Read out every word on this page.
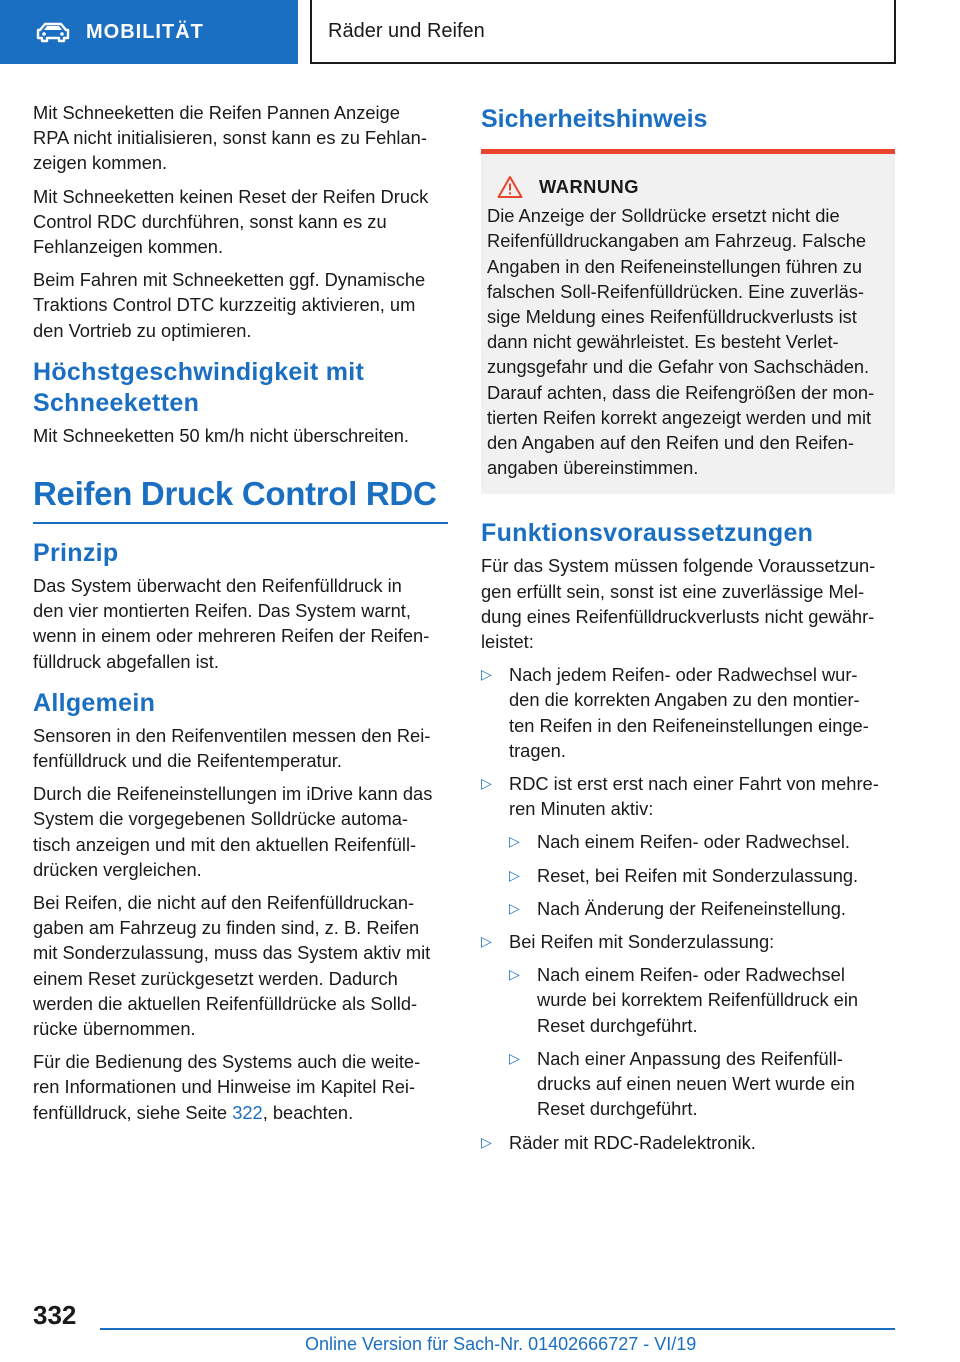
MOBILITÄT	Räder und Reifen

Mit Schneeketten die Reifen Pannen Anzeige
RPA nicht initialisieren, sonst kann es zu Fehlan-
zeigen kommen.

Mit Schneeketten keinen Reset der Reifen Druck
Control RDC durchführen, sonst kann es zu
Fehlanzeigen kommen.

Beim Fahren mit Schneeketten ggf. Dynamische
Traktions Control DTC kurzzeitig aktivieren, um
den Vortrieb zu optimieren.

Höchstgeschwindigkeit mit
Schneeketten

Mit Schneeketten 50 km/h nicht überschreiten.

Reifen Druck Control RDC
Prinzip

Das System überwacht den Reifenfülldruck in
den vier montierten Reifen. Das System warnt,
wenn in einem oder mehreren Reifen der Reifen-
fülldruck abgefallen ist.

Allgemein

Sensoren in den Reifenventilen messen den Rei-
fenfülldruck und die Reifentemperatur.

Durch die Reifeneinstellungen im iDrive kann das
System die vorgegebenen Solldrücke automa-
tisch anzeigen und mit den aktuellen Reifenfüll-
drücken vergleichen.

Bei Reifen, die nicht auf den Reifenfülldruckan-
gaben am Fahrzeug zu finden sind, z. B. Reifen
mit Sonderzulassung, muss das System aktiv mit
einem Reset zurückgesetzt werden. Dadurch
werden die aktuellen Reifenfülldrücke als Solld-
rücke übernommen.

Für die Bedienung des Systems auch die weite-
ren Informationen und Hinweise im Kapitel Rei-
fenfülldruck, siehe Seite 322, beachten.

Sicherheitshinweis
WARNUNG
Die Anzeige der Solldrücke ersetzt nicht die
Reifenfülldruckangaben am Fahrzeug. Falsche
Angaben in den Reifeneinstellungen führen zu
falschen Soll-Reifenfülldrücken. Eine zuverläs-
sige Meldung eines Reifenfülldruckverlusts ist
dann nicht gewährleistet. Es besteht Verlet-
zungsgefahr und die Gefahr von Sachschäden.
Darauf achten, dass die Reifengrößen der mon-
tierten Reifen korrekt angezeigt werden und mit
den Angaben auf den Reifen und den Reifen-
angaben übereinstimmen.
Funktionsvoraussetzungen

Für das System müssen folgende Voraussetzun-
gen erfüllt sein, sonst ist eine zuverlässige Mel-
dung eines Reifenfülldruckverlusts nicht gewähr-
leistet:

▷ Nach jedem Reifen- oder Radwechsel wur-
den die korrekten Angaben zu den montier-
ten Reifen in den Reifeneinstellungen einge-
tragen.
▷ RDC ist erst erst nach einer Fahrt von mehre-
ren Minuten aktiv:
▷ Nach einem Reifen- oder Radwechsel.
▷ Reset, bei Reifen mit Sonderzulassung.
▷ Nach Änderung der Reifeneinstellung.
▷ Bei Reifen mit Sonderzulassung:
▷ Nach einem Reifen- oder Radwechsel
wurde bei korrektem Reifenfülldruck ein
Reset durchgeführt.
▷ Nach einer Anpassung des Reifenfüll-
drucks auf einen neuen Wert wurde ein
Reset durchgeführt.
▷ Räder mit RDC-Radelektronik.
332
Online Version für Sach-Nr. 01402666727 - VI/19
